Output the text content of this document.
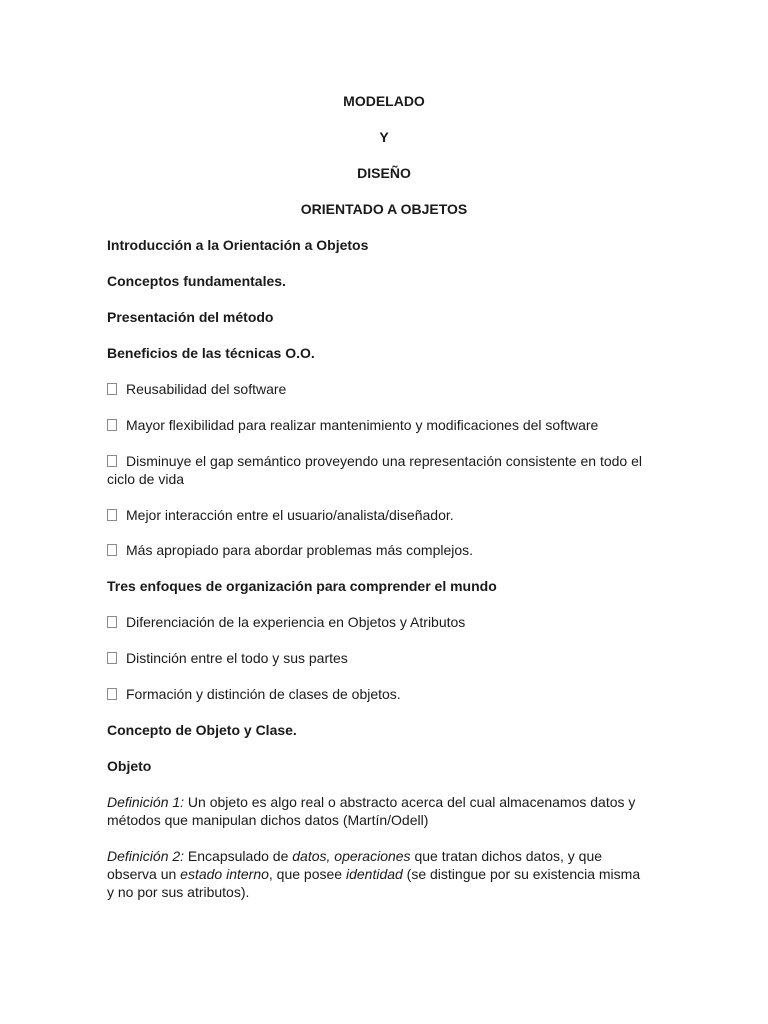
MODELADO
Y
DISEÑO
ORIENTADO A OBJETOS
Introducción a la Orientación a Objetos
Conceptos fundamentales.
Presentación del método
Beneficios de las técnicas O.O.
Reusabilidad del software
Mayor flexibilidad para realizar mantenimiento y modificaciones del software
Disminuye el gap semántico proveyendo una representación consistente en todo el ciclo de vida
Mejor interacción entre el usuario/analista/diseñador.
Más apropiado para abordar problemas más complejos.
Tres enfoques de organización para comprender el mundo
Diferenciación de la experiencia en Objetos y Atributos
Distinción entre el todo y sus partes
Formación y distinción de clases de objetos.
Concepto de Objeto y Clase.
Objeto
Definición 1: Un objeto es algo real o abstracto acerca del cual almacenamos datos y métodos que manipulan dichos datos (Martín/Odell)
Definición 2: Encapsulado de datos, operaciones que tratan dichos datos, y que observa un estado interno, que posee identidad (se distingue por su existencia misma y no por sus atributos).
